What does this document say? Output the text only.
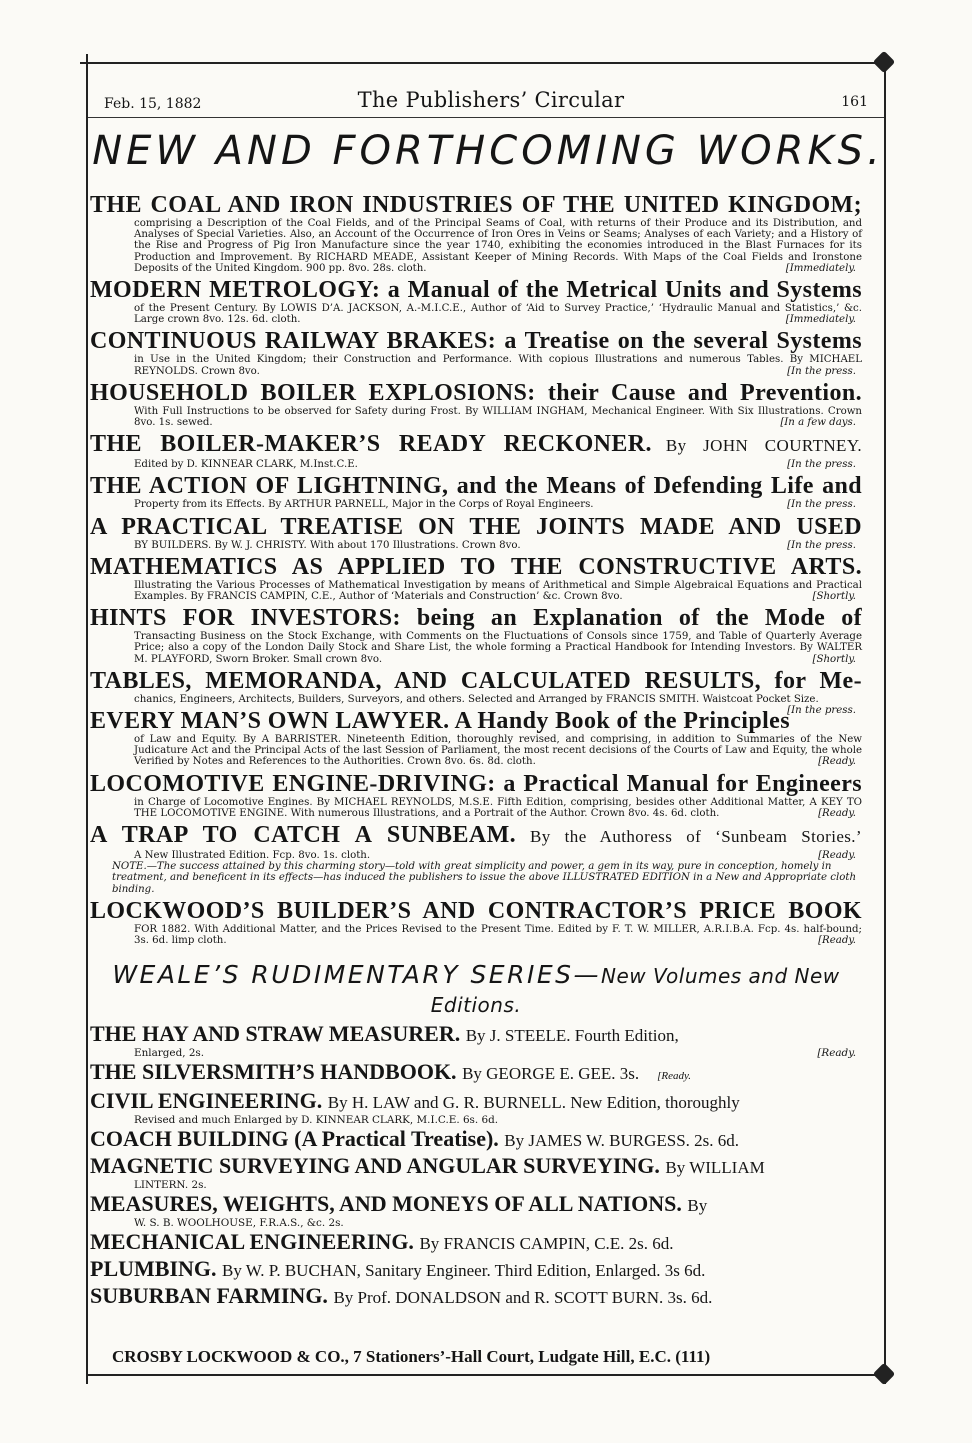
Feb. 15, 1882	The Publishers’ Circular	161
NEW AND FORTHCOMING WORKS.
THE COAL AND IRON INDUSTRIES OF THE UNITED KINGDOM;
comprising a Description of the Coal Fields, and of the Principal Seams of Coal, with returns of their Produce and its Distribution, and Analyses of Special Varieties. Also, an Account of the Occurrence of Iron Ores in Veins or Seams; Analyses of each Variety; and a History of the Rise and Progress of Pig Iron Manufacture since the year 1740, exhibiting the economies introduced in the Blast Furnaces for its Production and Improvement. By RICHARD MEADE, Assistant Keeper of Mining Records. With Maps of the Coal Fields and Ironstone Deposits of the United Kingdom. 900 pp. 8vo. 28s. cloth.	[Immediately.
MODERN METROLOGY: a Manual of the Metrical Units and Systems
of the Present Century. By LOWIS D’A. JACKSON, A.-M.I.C.E., Author of ‘Aid to Survey Practice,’ ‘Hydraulic Manual and Statistics,’ &c. Large crown 8vo. 12s. 6d. cloth.	[Immediately.
CONTINUOUS RAILWAY BRAKES: a Treatise on the several Systems
in Use in the United Kingdom; their Construction and Performance. With copious Illustrations and numerous Tables. By MICHAEL REYNOLDS. Crown 8vo.	[In the press.
HOUSEHOLD BOILER EXPLOSIONS: their Cause and Prevention.
With Full Instructions to be observed for Safety during Frost. By WILLIAM INGHAM, Mechanical Engineer. With Six Illustrations. Crown 8vo. 1s. sewed.	[In a few days.
THE BOILER-MAKER’S READY RECKONER. By JOHN COURTNEY.
Edited by D. KINNEAR CLARK, M.Inst.C.E.	[In the press.
THE ACTION OF LIGHTNING, and the Means of Defending Life and
Property from its Effects. By ARTHUR PARNELL, Major in the Corps of Royal Engineers.	[In the press.
A PRACTICAL TREATISE ON THE JOINTS MADE AND USED
BY BUILDERS. By W. J. CHRISTY. With about 170 Illustrations. Crown 8vo.	[In the press.
MATHEMATICS AS APPLIED TO THE CONSTRUCTIVE ARTS.
Illustrating the Various Processes of Mathematical Investigation by means of Arithmetical and Simple Algebraical Equations and Practical Examples. By FRANCIS CAMPIN, C.E., Author of ‘Materials and Construction’ &c. Crown 8vo.	[Shortly.
HINTS FOR INVESTORS: being an Explanation of the Mode of
Transacting Business on the Stock Exchange, with Comments on the Fluctuations of Consols since 1759, and Table of Quarterly Average Price; also a copy of the London Daily Stock and Share List, the whole forming a Practical Handbook for Intending Investors. By WALTER M. PLAYFORD, Sworn Broker. Small crown 8vo.	[Shortly.
TABLES, MEMORANDA, AND CALCULATED RESULTS, for Me-
chanics, Engineers, Architects, Builders, Surveyors, and others. Selected and Arranged by FRANCIS SMITH. Waistcoat Pocket Size.
[In the press.
EVERY MAN’S OWN LAWYER. A Handy Book of the Principles
of Law and Equity. By A BARRISTER. Nineteenth Edition, thoroughly revised, and comprising, in addition to Summaries of the New Judicature Act and the Principal Acts of the last Session of Parliament, the most recent decisions of the Courts of Law and Equity, the whole Verified by Notes and References to the Authorities. Crown 8vo. 6s. 8d. cloth.	[Ready.
LOCOMOTIVE ENGINE-DRIVING: a Practical Manual for Engineers
in Charge of Locomotive Engines. By MICHAEL REYNOLDS, M.S.E. Fifth Edition, comprising, besides other Additional Matter, A KEY TO THE LOCOMOTIVE ENGINE. With numerous Illustrations, and a Portrait of the Author. Crown 8vo. 4s. 6d. cloth.	[Ready.
A TRAP TO CATCH A SUNBEAM. By the Authoress of ‘Sunbeam Stories.’
A New Illustrated Edition. Fcp. 8vo. 1s. cloth.	[Ready.
NOTE.—The success attained by this charming story—told with great simplicity and power, a gem in its way, pure in conception, homely in treatment, and beneficent in its effects—has induced the publishers to issue the above ILLUSTRATED EDITION in a New and Appropriate cloth binding.
LOCKWOOD’S BUILDER’S AND CONTRACTOR’S PRICE BOOK
FOR 1882. With Additional Matter, and the Prices Revised to the Present Time. Edited by F. T. W. MILLER, A.R.I.B.A. Fcp. 4s. half-bound; 3s. 6d. limp cloth.	[Ready.
WEALE’S RUDIMENTARY SERIES—New Volumes and New Editions.
THE HAY AND STRAW MEASURER. By J. STEELE. Fourth Edition,
Enlarged, 2s.	[Ready.
THE SILVERSMITH’S HANDBOOK. By GEORGE E. GEE. 3s. [Ready.
CIVIL ENGINEERING. By H. LAW and G. R. BURNELL. New Edition, thoroughly
Revised and much Enlarged by D. KINNEAR CLARK, M.I.C.E. 6s. 6d.
COACH BUILDING (A Practical Treatise). By JAMES W. BURGESS. 2s. 6d.
MAGNETIC SURVEYING AND ANGULAR SURVEYING. By WILLIAM
LINTERN. 2s.
MEASURES, WEIGHTS, AND MONEYS OF ALL NATIONS. By
W. S. B. WOOLHOUSE, F.R.A.S., &c. 2s.
MECHANICAL ENGINEERING. By FRANCIS CAMPIN, C.E. 2s. 6d.
PLUMBING. By W. P. BUCHAN, Sanitary Engineer. Third Edition, Enlarged. 3s 6d.
SUBURBAN FARMING. By Prof. DONALDSON and R. SCOTT BURN. 3s. 6d.
CROSBY LOCKWOOD & CO., 7 Stationers’-Hall Court, Ludgate Hill, E.C. (111)
